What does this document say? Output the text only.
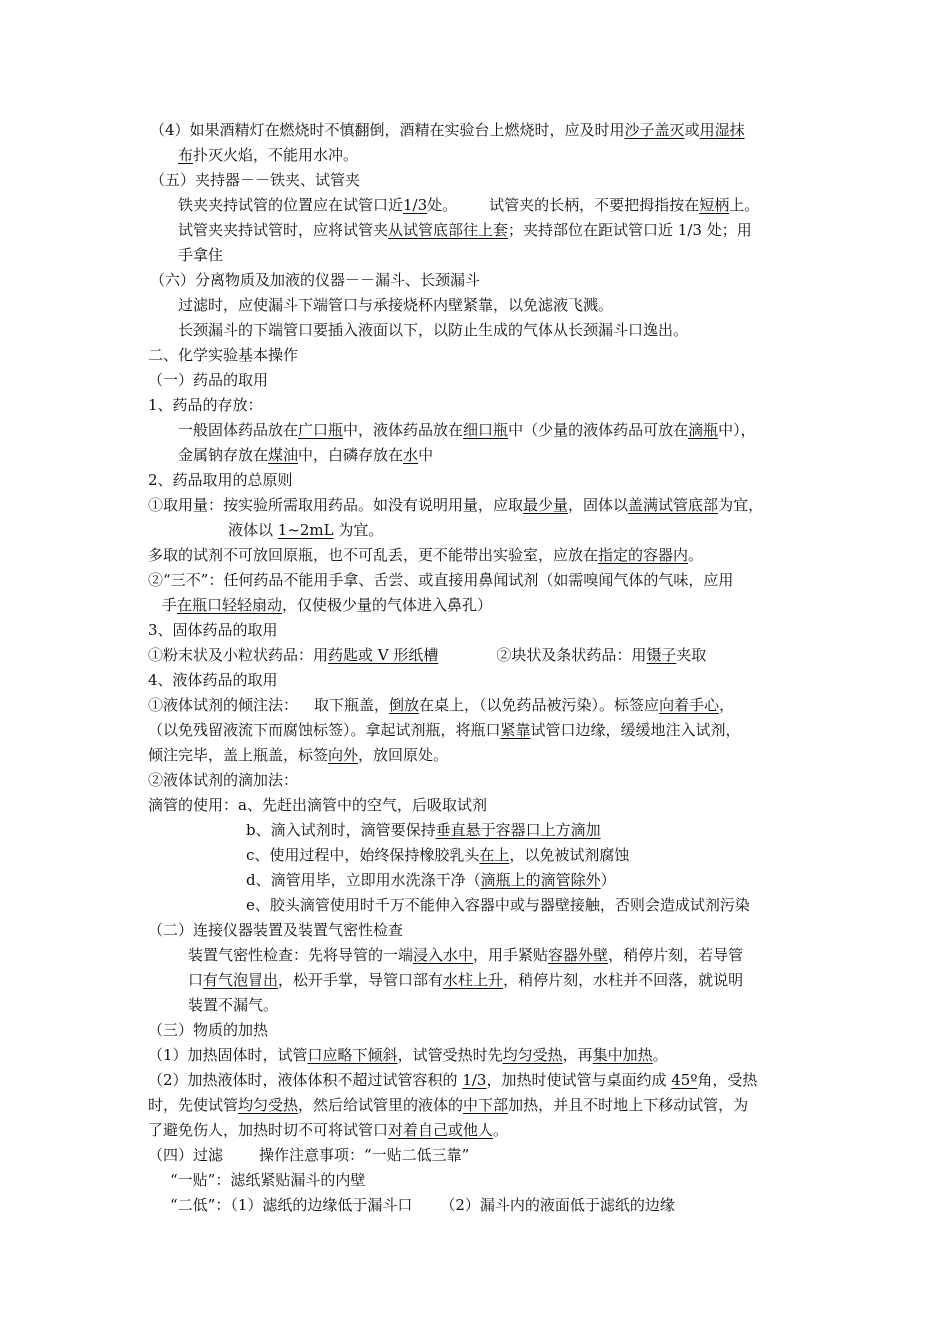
（4）如果酒精灯在燃烧时不慎翻倒，酒精在实验台上燃烧时，应及时用沙子盖灭或用湿抹
布扑灭火焰，不能用水冲。
（五）夹持器－－铁夹、试管夹
铁夹夹持试管的位置应在试管口近1/3处。 试管夹的长柄，不要把拇指按在短柄上。
试管夹夹持试管时，应将试管夹从试管底部往上套；夹持部位在距试管口近 1/3 处；用
手拿住
（六）分离物质及加液的仪器－－漏斗、长颈漏斗
过滤时，应使漏斗下端管口与承接烧杯内壁紧靠，以免滤液飞溅。
长颈漏斗的下端管口要插入液面以下，以防止生成的气体从长颈漏斗口逸出。
二、化学实验基本操作
（一）药品的取用
1、药品的存放：
一般固体药品放在广口瓶中，液体药品放在细口瓶中（少量的液体药品可放在滴瓶中），
金属钠存放在煤油中，白磷存放在水中
2、药品取用的总原则
①取用量：按实验所需取用药品。如没有说明用量，应取最少量，固体以盖满试管底部为宜，
液体以 1~2mL 为宜。
多取的试剂不可放回原瓶，也不可乱丢，更不能带出实验室，应放在指定的容器内。
②“三不”：任何药品不能用手拿、舌尝、或直接用鼻闻试剂（如需嗅闻气体的气味，应用
手在瓶口轻轻扇动，仅使极少量的气体进入鼻孔）
3、固体药品的取用
①粉末状及小粒状药品：用药匙或 V 形纸槽	②块状及条状药品：用镊子夹取
4、液体药品的取用
①液体试剂的倾注法： 取下瓶盖，倒放在桌上，（以免药品被污染）。标签应向着手心，
（以免残留液流下而腐蚀标签）。拿起试剂瓶，将瓶口紧靠试管口边缘，缓缓地注入试剂，
倾注完毕，盖上瓶盖，标签向外，放回原处。
②液体试剂的滴加法：
滴管的使用：a、先赶出滴管中的空气，后吸取试剂
b、滴入试剂时，滴管要保持垂直悬于容器口上方滴加
c、使用过程中，始终保持橡胶乳头在上，以免被试剂腐蚀
d、滴管用毕，立即用水洗涤干净（滴瓶上的滴管除外）
e、胶头滴管使用时千万不能伸入容器中或与器壁接触，否则会造成试剂污染
（二）连接仪器装置及装置气密性检查
装置气密性检查：先将导管的一端浸入水中，用手紧贴容器外壁，稍停片刻，若导管
口有气泡冒出，松开手掌，导管口部有水柱上升，稍停片刻，水柱并不回落，就说明
装置不漏气。
（三）物质的加热
（1）加热固体时，试管口应略下倾斜，试管受热时先均匀受热，再集中加热。
（2）加热液体时，液体体积不超过试管容积的 1/3，加热时使试管与桌面约成 45º角，受热
时，先使试管均匀受热，然后给试管里的液体的中下部加热，并且不时地上下移动试管，为
了避免伤人，加热时切不可将试管口对着自己或他人。
（四）过滤 操作注意事项：“一贴二低三靠”
“一贴”：滤纸紧贴漏斗的内壁
“二低”：（1）滤纸的边缘低于漏斗口 （2）漏斗内的液面低于滤纸的边缘
